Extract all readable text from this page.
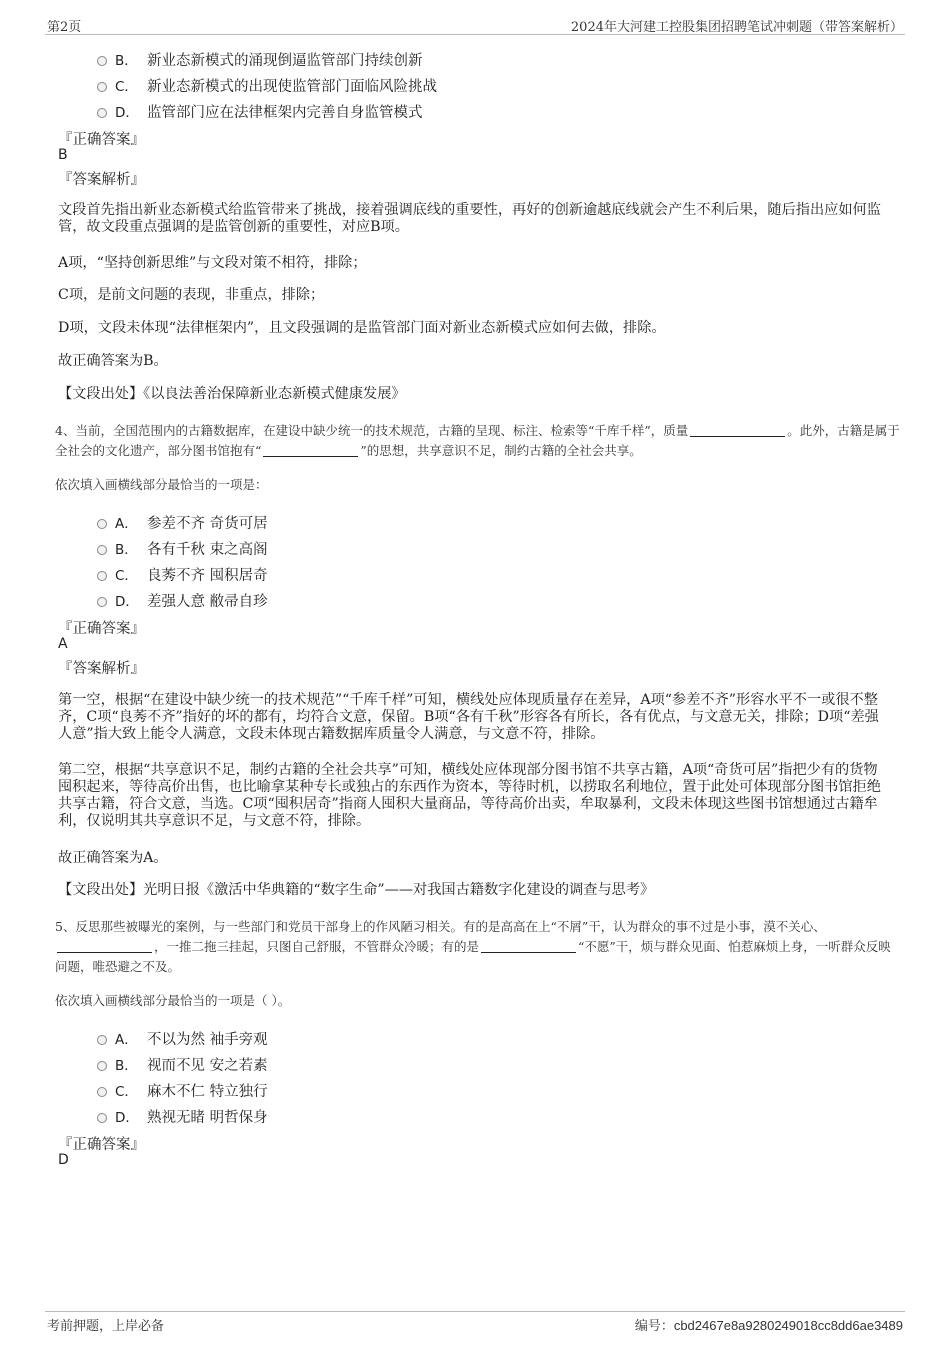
第2页	2024年大河建工控股集团招聘笔试冲刺题（带答案解析）
B． 新业态新模式的涌现倒逼监管部门持续创新
C． 新业态新模式的出现使监管部门面临风险挑战
D． 监管部门应在法律框架内完善自身监管模式
『正确答案』
B
『答案解析』
文段首先指出新业态新模式给监管带来了挑战，接着强调底线的重要性，再好的创新逾越底线就会产生不利后果，随后指出应如何监管，故文段重点强调的是监管创新的重要性，对应B项。
A项，“坚持创新思维”与文段对策不相符，排除；
C项，是前文问题的表现，非重点，排除；
D项，文段未体现“法律框架内”，且文段强调的是监管部门面对新业态新模式应如何去做，排除。
故正确答案为B。
【文段出处】《以良法善治保障新业态新模式健康发展》
4、当前，全国范围内的古籍数据库，在建设中缺少统一的技术规范，古籍的呈现、标注、检索等“千库千样”，质量	。此外，古籍是属于全社会的文化遗产，部分图书馆抱有“	”的思想，共享意识不足，制约古籍的全社会共享。
依次填入画横线部分最恰当的一项是：
A． 参差不齐 奇货可居
B． 各有千秋 束之高阁
C． 良莠不齐 囤积居奇
D． 差强人意 敝帚自珍
『正确答案』
A
『答案解析』
第一空，根据“在建设中缺少统一的技术规范”“千库千样”可知，横线处应体现质量存在差异，A项“参差不齐”形容水平不一或很不整齐，C项“良莠不齐”指好的坏的都有，均符合文意，保留。B项“各有千秋”形容各有所长，各有优点，与文意无关，排除；D项“差强人意”指大致上能令人满意，文段未体现古籍数据库质量令人满意，与文意不符，排除。
第二空，根据“共享意识不足，制约古籍的全社会共享”可知，横线处应体现部分图书馆不共享古籍，A项“奇货可居”指把少有的货物囤积起来，等待高价出售，也比喻拿某种专长或独占的东西作为资本，等待时机，以捞取名利地位，置于此处可体现部分图书馆拒绝共享古籍，符合文意，当选。C项“囤积居奇”指商人囤积大量商品，等待高价出卖，牟取暴利，文段未体现这些图书馆想通过古籍牟利，仅说明其共享意识不足，与文意不符，排除。
故正确答案为A。
【文段出处】光明日报《激活中华典籍的“数字生命”——对我国古籍数字化建设的调查与思考》
5、反思那些被曝光的案例，与一些部门和党员干部身上的作风陋习相关。有的是高高在上“不屑”干，认为群众的事不过是小事，漠不关心、，一推二拖三挂起，只图自己舒服，不管群众冷暖；有的是	“不愿”干，烦与群众见面、怕惹麻烦上身，一听群众反映问题，唯恐避之不及。
依次填入画横线部分最恰当的一项是（ ）。
A． 不以为然 袖手旁观
B． 视而不见 安之若素
C． 麻木不仁 特立独行
D． 熟视无睹 明哲保身
『正确答案』
D
考前押题，上岸必备	编号：cbd2467e8a9280249018cc8dd6ae3489
